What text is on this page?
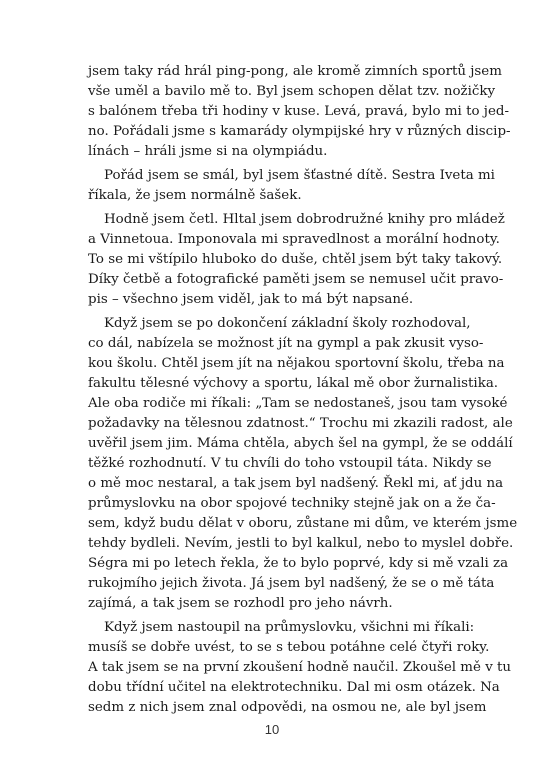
jsem taky rád hrál ping-pong, ale kromě zimních sportů jsem
vše uměl a bavilo mě to. Byl jsem schopen dělat tzv. nožičky
s balónem třeba tři hodiny v kuse. Levá, pravá, bylo mi to jed-
no. Pořádali jsme s kamarády olympijské hry v různých discip-
línách – hráli jsme si na olympiádu.
Pořád jsem se smál, byl jsem šťastné dítě. Sestra Iveta mi
říkala, že jsem normálně šašek.
Hodně jsem četl. Hltal jsem dobrodružné knihy pro mládež
a Vinnetoua. Imponovala mi spravedlnost a morální hodnoty.
To se mi vštípilo hluboko do duše, chtěl jsem být taky takový.
Díky četbě a fotografické paměti jsem se nemusel učit pravo-
pis – všechno jsem viděl, jak to má být napsané.
Když jsem se po dokončení základní školy rozhodoval,
co dál, nabízela se možnost jít na gympl a pak zkusit vyso-
kou školu. Chtěl jsem jít na nějakou sportovní školu, třeba na
fakultu tělesné výchovy a sportu, lákal mě obor žurnalistika.
Ale oba rodiče mi říkali: „Tam se nedostaneš, jsou tam vysoké
požadavky na tělesnou zdatnost.“ Trochu mi zkazili radost, ale
uvěřil jsem jim. Máma chtěla, abych šel na gympl, že se oddálí
těžké rozhodnutí. V tu chvíli do toho vstoupil táta. Nikdy se
o mě moc nestaral, a tak jsem byl nadšený. Řekl mi, ať jdu na
průmyslovku na obor spojové techniky stejně jak on a že ča-
sem, když budu dělat v oboru, zůstane mi dům, ve kterém jsme
tehdy bydleli. Nevím, jestli to byl kalkul, nebo to myslel dobře.
Ségra mi po letech řekla, že to bylo poprvé, kdy si mě vzali za
rukojmího jejich života. Já jsem byl nadšený, že se o mě táta
zajímá, a tak jsem se rozhodl pro jeho návrh.
Když jsem nastoupil na průmyslovku, všichni mi říkali:
musíš se dobře uvést, to se s tebou potáhne celé čtyři roky.
A tak jsem se na první zkoušení hodně naučil. Zkoušel mě v tu
dobu třídní učitel na elektrotechniku. Dal mi osm otázek. Na
sedm z nich jsem znal odpovědi, na osmou ne, ale byl jsem
10
